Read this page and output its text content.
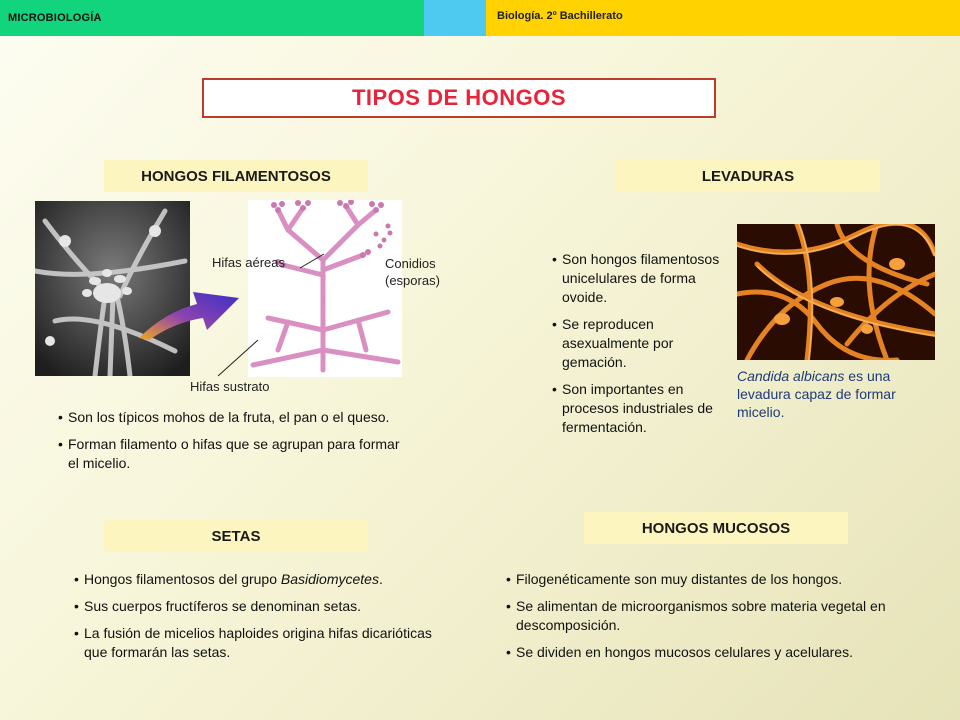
MICROBIOLOGÍA	Biología. 2º Bachillerato
TIPOS DE HONGOS
HONGOS FILAMENTOSOS	LEVADURAS
SETAS	HONGOS MUCOSOS
Hifas aéreas	Conidios
(esporas)
Hifas sustrato
• Son los típicos mohos de la fruta, el pan o el queso.
• Forman filamento o hifas que se agrupan para formar el micelio.
• Son hongos filamentosos unicelulares de forma ovoide.
• Se reproducen asexualmente por gemación.
• Son importantes en procesos industriales de fermentación.
Candida albicans es una levadura capaz de formar micelio.
• Hongos filamentosos del grupo Basidiomycetes.
• Sus cuerpos fructíferos se denominan setas.
• La fusión de micelios haploides origina hifas dicarióticas que formarán las setas.
• Filogenéticamente son muy distantes de los hongos.
• Se alimentan de microorganismos sobre materia vegetal en descomposición.
• Se dividen en hongos mucosos celulares y acelulares.
